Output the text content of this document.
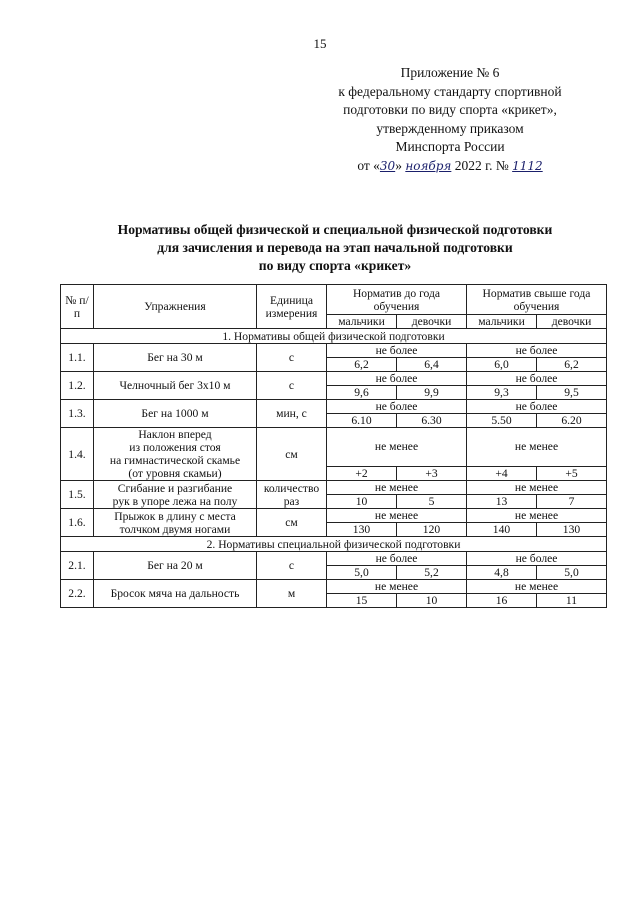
15
Приложение № 6
к федеральному стандарту спортивной
подготовки по виду спорта «крикет»,
утвержденному приказом
Минспорта России
от «30» ноября 2022 г. № 1112
Нормативы общей физической и специальной физической подготовки
для зачисления и перевода на этап начальной подготовки
по виду спорта «крикет»
№ п/п	Упражнения	Единица измерения	Норматив до года обучения		Норматив свыше года обучения	
			мальчики	девочки	мальчики	девочки
1. Нормативы общей физической подготовки						
1.1.	Бег на 30 м	с	не более		не более	
			6,2	6,4	6,0	6,2
1.2.	Челночный бег 3x10 м	с	не более		не более	
			9,6	9,9	9,3	9,5
1.3.	Бег на 1000 м	мин, с	не более		не более	
			6.10	6.30	5.50	6.20
1.4.	Наклон вперед
из положения стоя
на гимнастической скамье
(от уровня скамьи)	см	не менее		не менее	
			+2	+3	+4	+5
1.5.	Сгибание и разгибание
рук в упоре лежа на полу	количество
раз	не менее		не менее	
			10	5	13	7
1.6.	Прыжок в длину с места
толчком двумя ногами	см	не менее		не менее	
			130	120	140	130
2. Нормативы специальной физической подготовки						
2.1.	Бег на 20 м	с	не более		не более	
			5,0	5,2	4,8	5,0
2.2.	Бросок мяча на дальность	м	не менее		не менее	
			15	10	16	11
